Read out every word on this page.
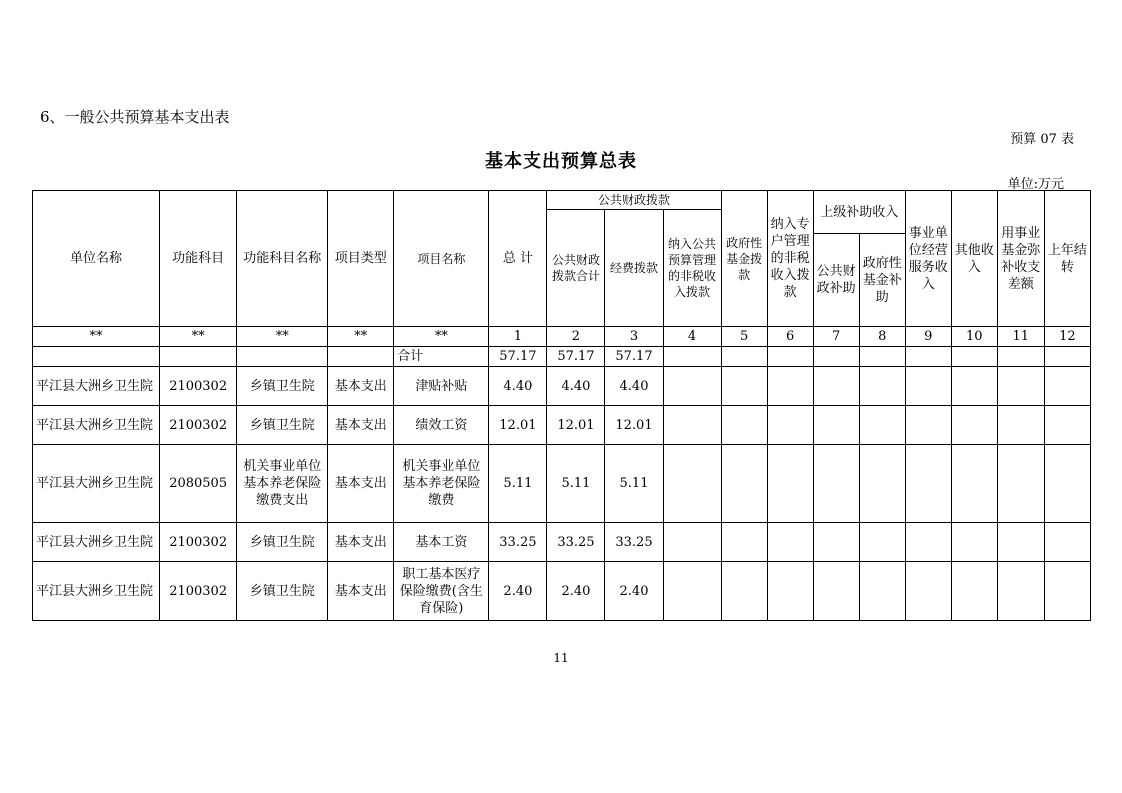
6、一般公共预算基本支出表
预算 07 表
基本支出预算总表
单位:万元
单位名称	功能科目	功能科目名称	项目类型	项目名称	总 计	公共财政拨款			政府性基金拨款	纳入专户管理的非税收入拨款	上级补助收入		事业单位经营服务收入	其他收入	用事业基金弥补收支差额	上年结转
						公共财政拨款合计	经费拨款	纳入公共预算管理的非税收入拨款								
											公共财政补助	政府性基金补助				
**	**	**	**	**	1	2	3	4	5	6	7	8	9	10	11	12
				合计	57.17	57.17	57.17									
平江县大洲乡卫生院	2100302	乡镇卫生院	基本支出	津贴补贴	4.40	4.40	4.40									
平江县大洲乡卫生院	2100302	乡镇卫生院	基本支出	绩效工资	12.01	12.01	12.01									
平江县大洲乡卫生院	2080505	机关事业单位基本养老保险缴费支出	基本支出	机关事业单位基本养老保险缴费	5.11	5.11	5.11									
平江县大洲乡卫生院	2100302	乡镇卫生院	基本支出	基本工资	33.25	33.25	33.25									
平江县大洲乡卫生院	2100302	乡镇卫生院	基本支出	职工基本医疗保险缴费(含生育保险)	2.40	2.40	2.40									
11
